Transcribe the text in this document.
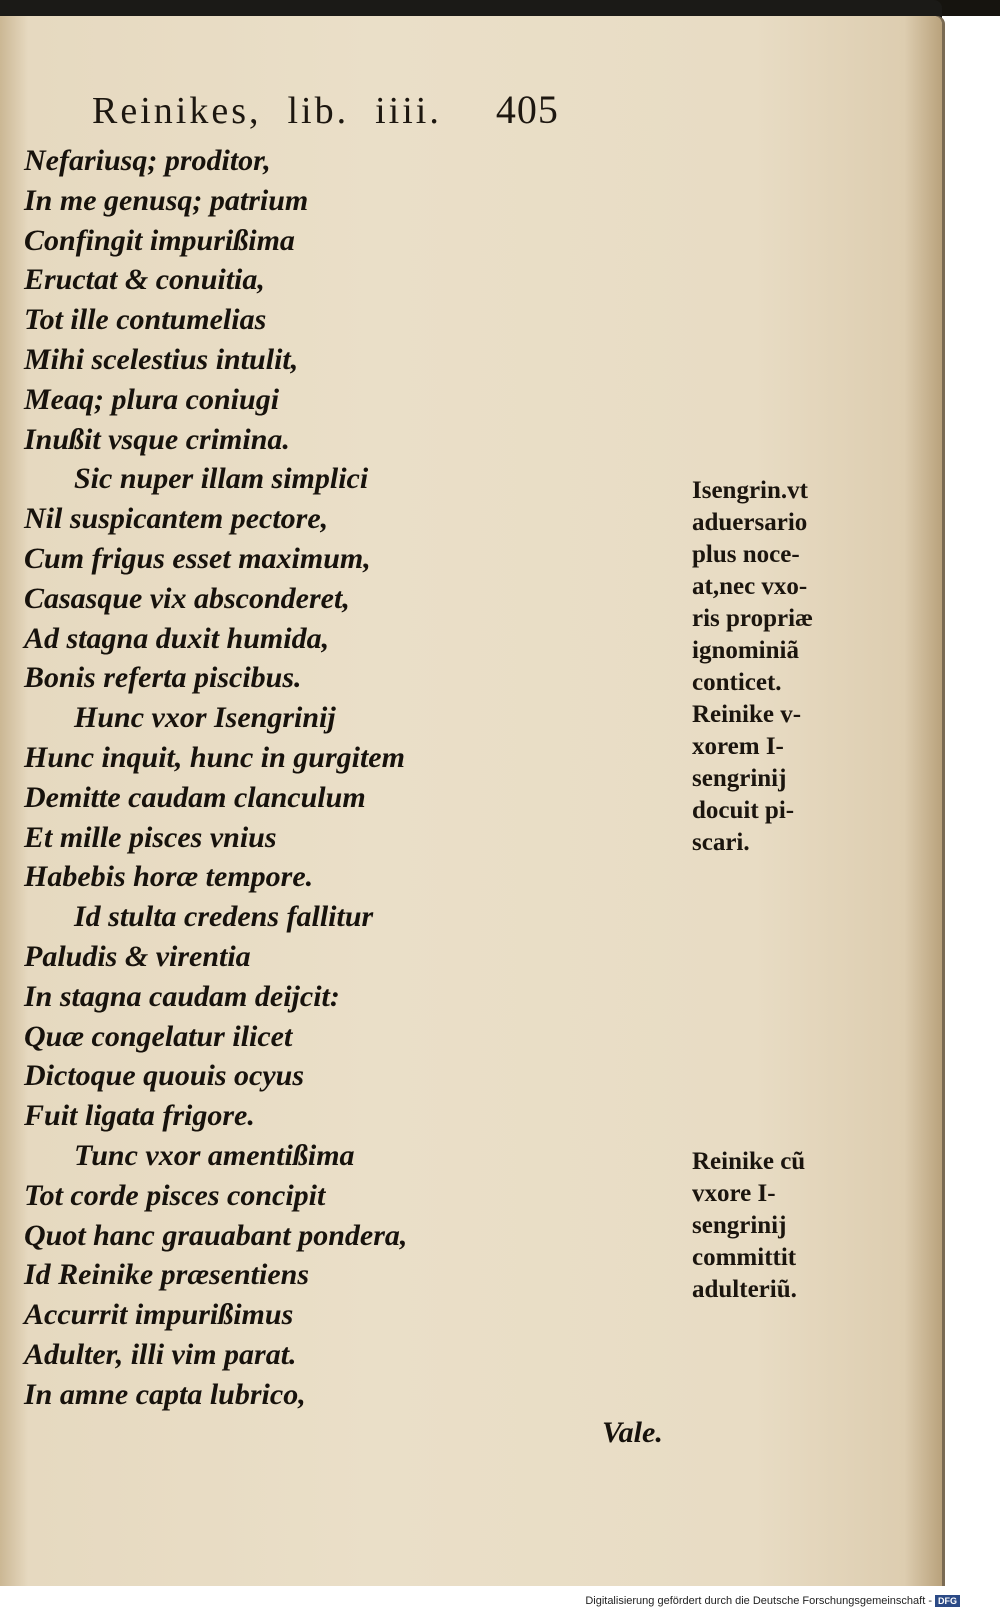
Reinikes, lib. iiii. 405
Nefariusq; proditor,
In me genusq; patrium
Confingit impurißima
Eructat & conuitia,
Tot ille contumelias
Mihi scelestius intulit,
Meaq; plura coniugi
Inußit vsque crimina.
Sic nuper illam simplici
Nil suspicantem pectore,
Cum frigus esset maximum,
Casasque vix absconderet,
Ad stagna duxit humida,
Bonis referta piscibus.
Hunc vxor Isengrinij
Hunc inquit, hunc in gurgitem
Demitte caudam clanculum
Et mille pisces vnius
Habebis horæ tempore.
Id stulta credens fallitur
Paludis & virentia
In stagna caudam deijcit:
Quæ congelatur ilicet
Dictoque quouis ocyus
Fuit ligata frigore.
Tunc vxor amentißima
Tot corde pisces concipit
Quot hanc grauabant pondera,
Id Reinike præsentiens
Accurrit impurißimus
Adulter, illi vim parat.
In amne capta lubrico,
Isengrin.vt
aduersario
plus noce-
at,nec vxo-
ris propriæ
ignominiã
conticet.
Reinike v-
xorem I-
sengrinij
docuit pi-
scari.
Reinike cũ
vxore I-
sengrinij
committit
adulteriũ.
Vale.
Digitalisierung gefördert durch die Deutsche Forschungsgemeinschaft - DFG
